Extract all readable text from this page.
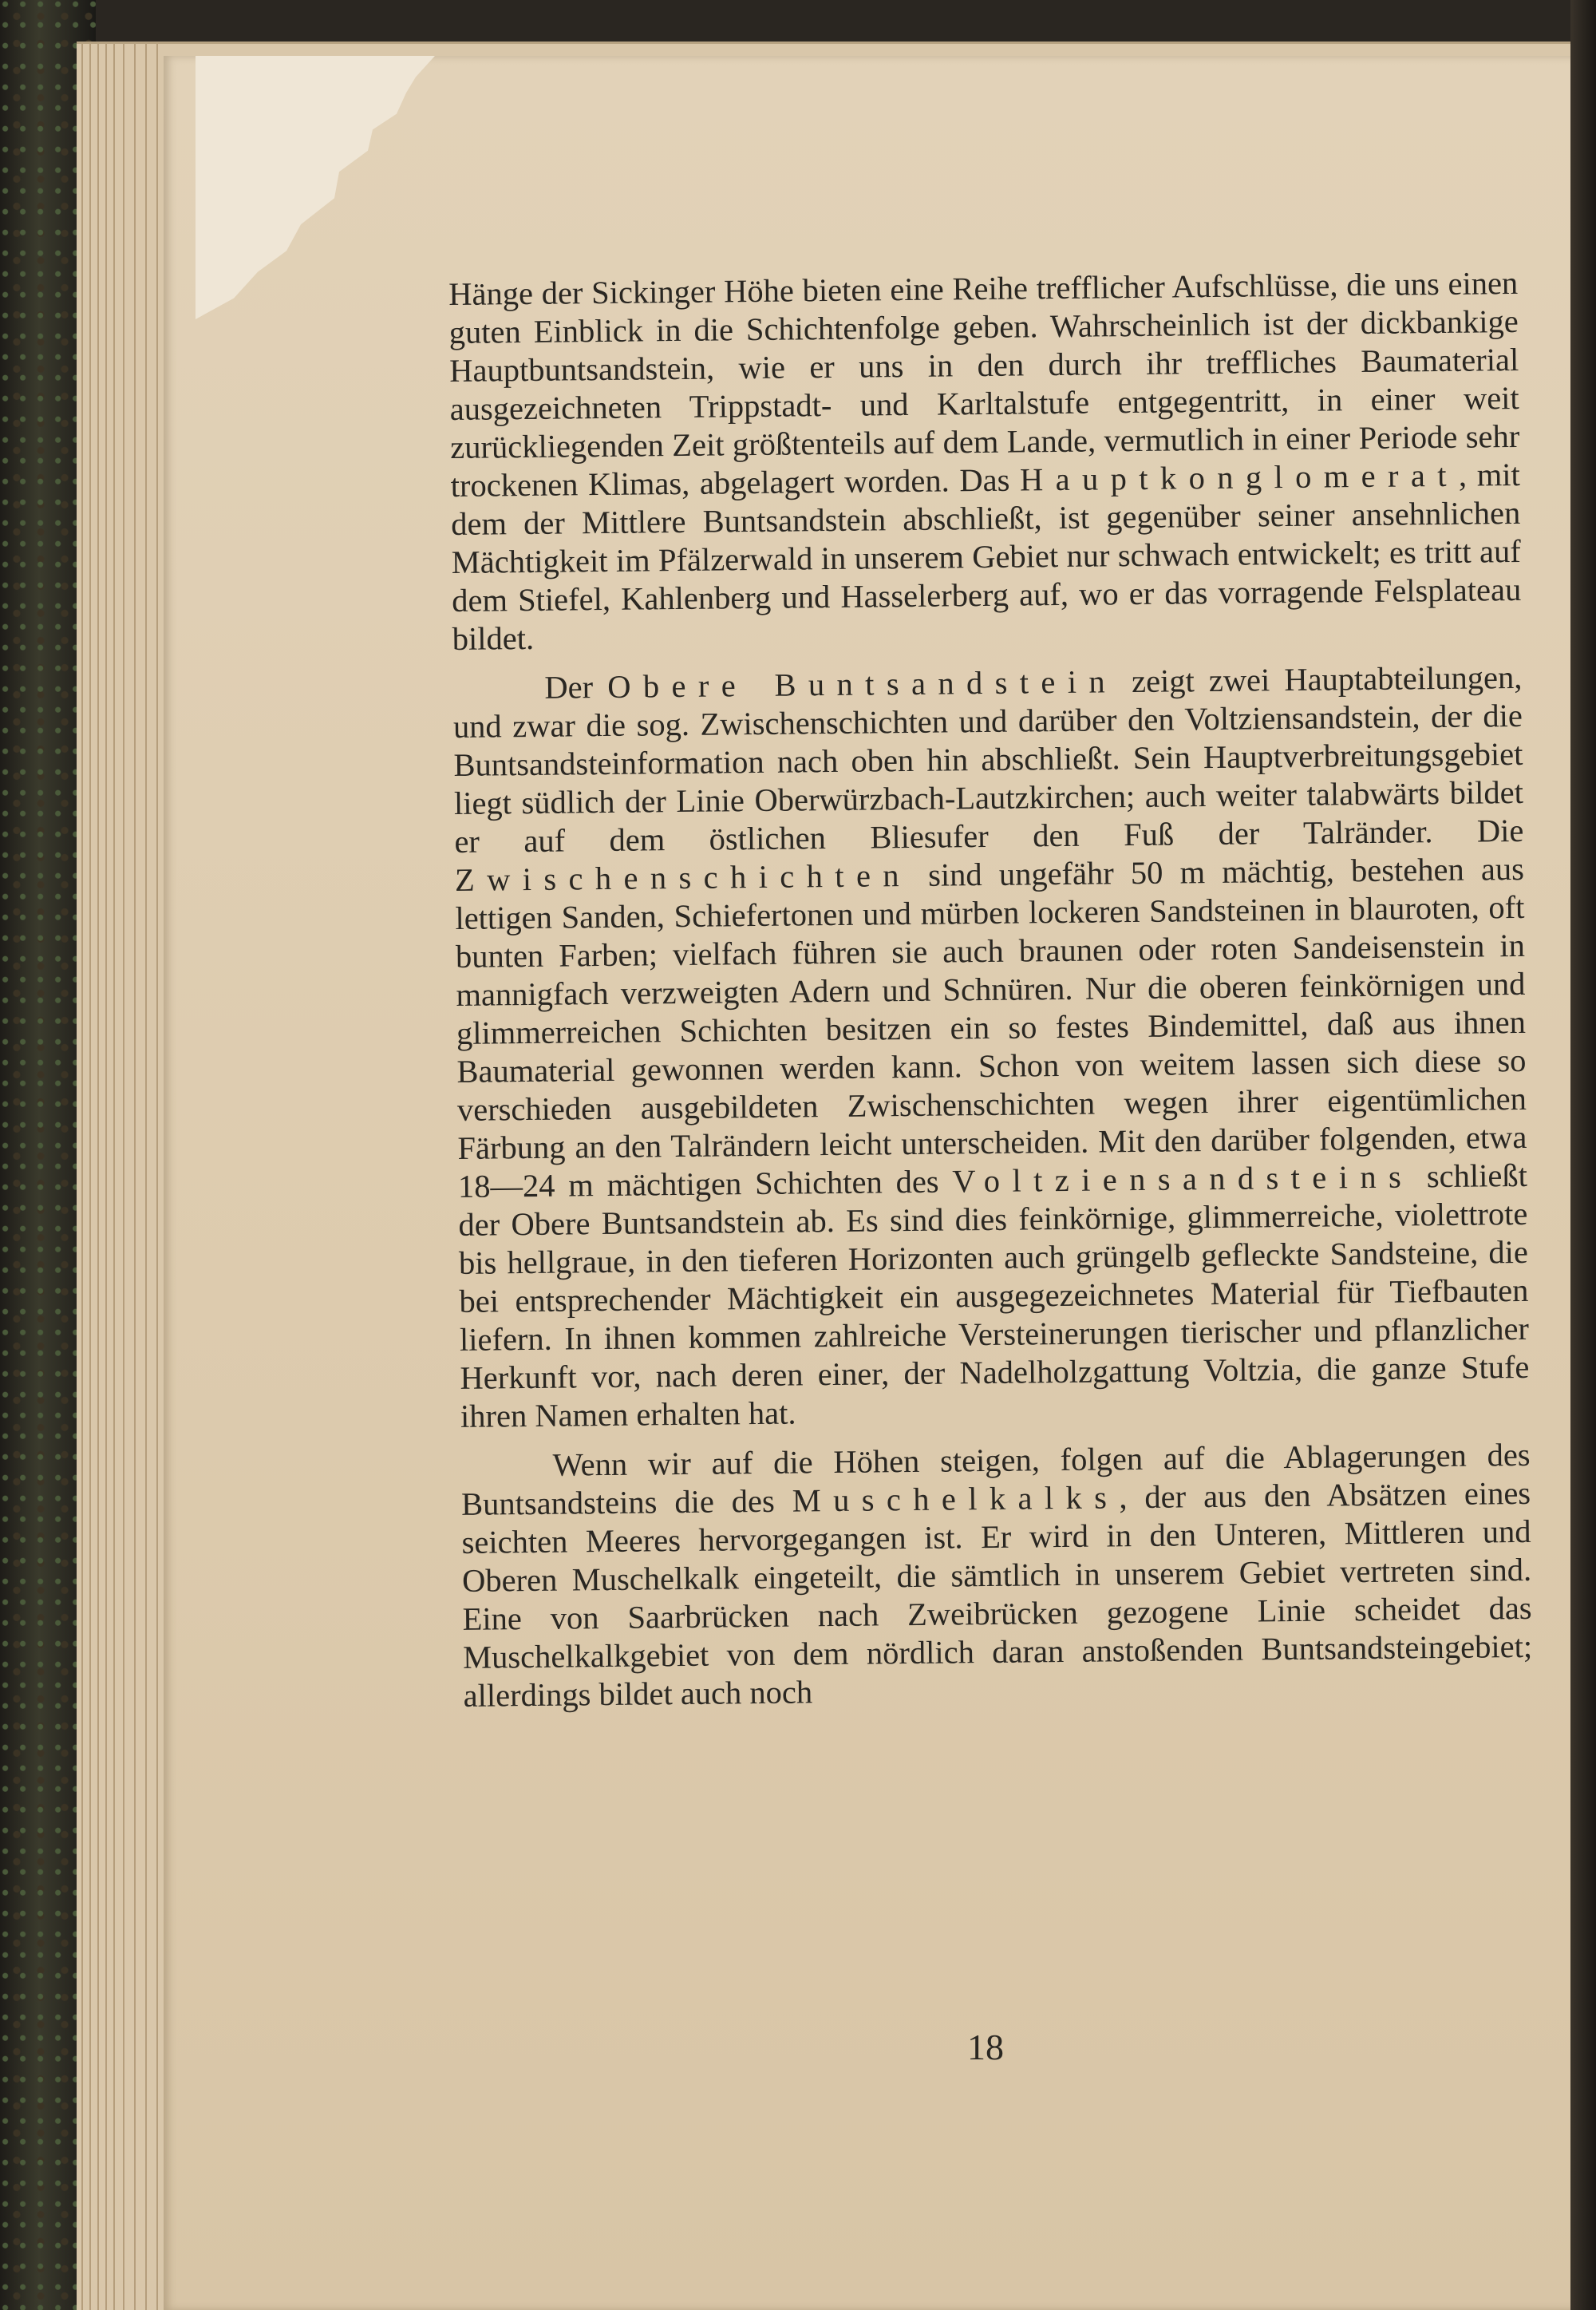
Hänge der Sickinger Höhe bieten eine Reihe trefflicher Aufschlüsse, die uns einen guten Einblick in die Schichtenfolge geben. Wahrscheinlich ist der dickbankige Hauptbuntsandstein, wie er uns in den durch ihr treffliches Baumaterial ausgezeichneten Trippstadt- und Karltalstufe entgegentritt, in einer weit zurückliegenden Zeit größtenteils auf dem Lande, vermutlich in einer Periode sehr trockenen Klimas, abgelagert worden. Das Hauptkonglomerat, mit dem der Mittlere Buntsandstein abschließt, ist gegenüber seiner ansehnlichen Mächtigkeit im Pfälzerwald in unserem Gebiet nur schwach entwickelt; es tritt auf dem Stiefel, Kahlenberg und Hasselerberg auf, wo er das vorragende Felsplateau bildet.

Der Obere Buntsandstein zeigt zwei Hauptabteilungen, und zwar die sog. Zwischenschichten und darüber den Voltziensandstein, der die Buntsandsteinformation nach oben hin abschließt. Sein Hauptverbreitungsgebiet liegt südlich der Linie Oberwürzbach-Lautzkirchen; auch weiter talabwärts bildet er auf dem östlichen Bliesufer den Fuß der Talränder. Die Zwischenschichten sind ungefähr 50 m mächtig, bestehen aus lettigen Sanden, Schiefertonen und mürben lockeren Sandsteinen in blauroten, oft bunten Farben; vielfach führen sie auch braunen oder roten Sandeisenstein in mannigfach verzweigten Adern und Schnüren. Nur die oberen feinkörnigen und glimmerreichen Schichten besitzen ein so festes Bindemittel, daß aus ihnen Baumaterial gewonnen werden kann. Schon von weitem lassen sich diese so verschieden ausgebildeten Zwischenschichten wegen ihrer eigentümlichen Färbung an den Talrändern leicht unterscheiden. Mit den darüber folgenden, etwa 18—24 m mächtigen Schichten des Voltziensandsteins schließt der Obere Buntsandstein ab. Es sind dies feinkörnige, glimmerreiche, violettrote bis hellgraue, in den tieferen Horizonten auch grüngelb gefleckte Sandsteine, die bei entsprechender Mächtigkeit ein ausgegezeichnetes Material für Tiefbauten liefern. In ihnen kommen zahlreiche Versteinerungen tierischer und pflanzlicher Herkunft vor, nach deren einer, der Nadelholzgattung Voltzia, die ganze Stufe ihren Namen erhalten hat.

Wenn wir auf die Höhen steigen, folgen auf die Ablagerungen des Buntsandsteins die des Muschelkalks, der aus den Absätzen eines seichten Meeres hervorgegangen ist. Er wird in den Unteren, Mittleren und Oberen Muschelkalk eingeteilt, die sämtlich in unserem Gebiet vertreten sind. Eine von Saarbrücken nach Zweibrücken gezogene Linie scheidet das Muschelkalkgebiet von dem nördlich daran anstoßenden Buntsandsteingebiet; allerdings bildet auch noch

18
